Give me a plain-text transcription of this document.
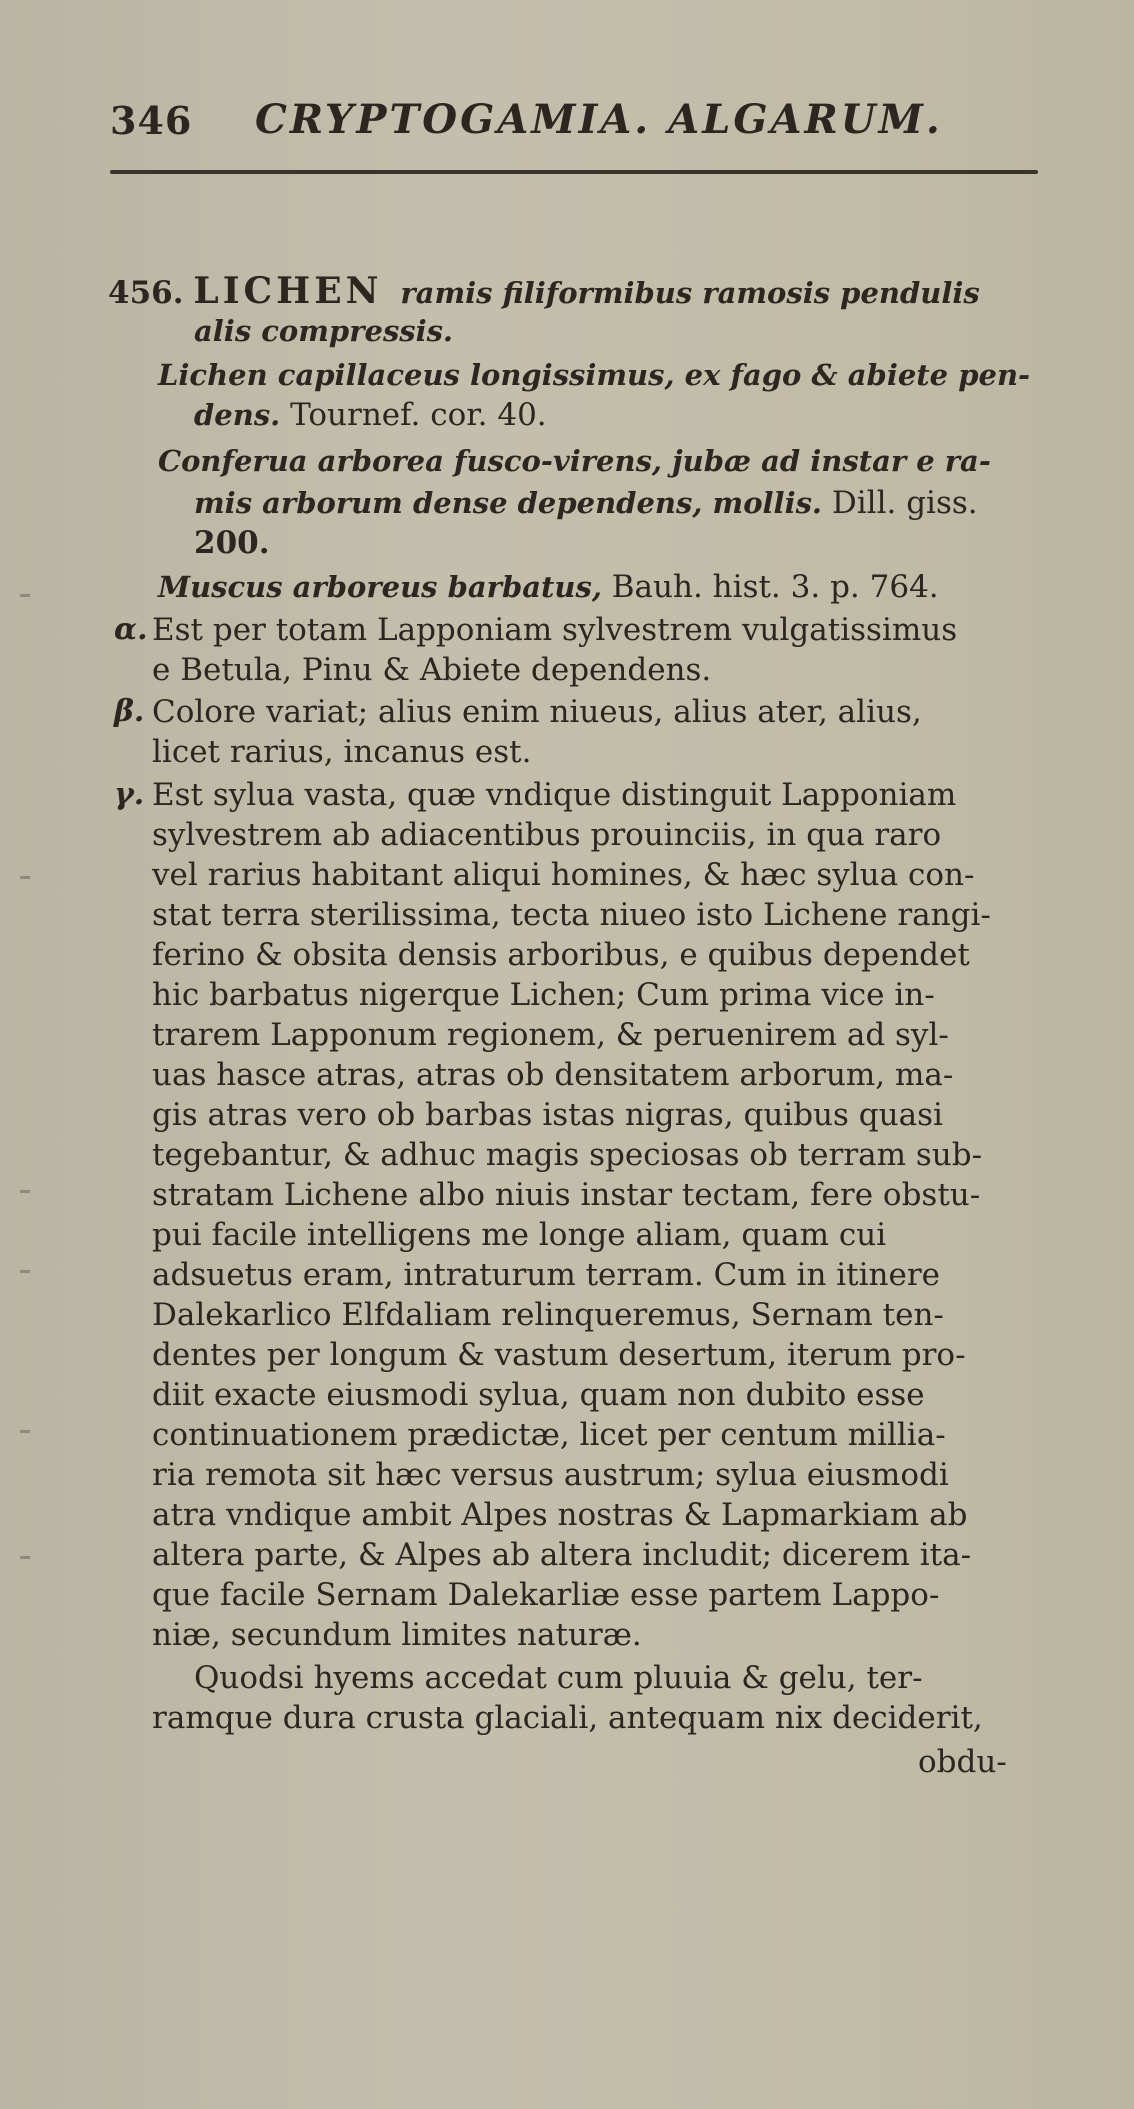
346 CRYPTOGAMIA. ALGARUM.
456. LICHEN ramis filiformibus ramosis pendulis
alis compressis.
Lichen capillaceus longissimus, ex fago & abiete pen-
dens. Tournef. cor. 40.
Conferua arborea fusco-virens, jubæ ad instar e ra-
mis arborum dense dependens, mollis. Dill. giss.
200.
Muscus arboreus barbatus, Bauh. hist. 3. p. 764.
α. Est per totam Lapponiam sylvestrem vulgatissimus
e Betula, Pinu & Abiete dependens.
β. Colore variat; alius enim niueus, alius ater, alius,
licet rarius, incanus est.
γ. Est sylua vasta, quæ vndique distinguit Lapponiam
sylvestrem ab adiacentibus prouinciis, in qua raro
vel rarius habitant aliqui homines, & hæc sylua con-
stat terra sterilissima, tecta niueo isto Lichene rangi-
ferino & obsita densis arboribus, e quibus dependet
hic barbatus nigerque Lichen; Cum prima vice in-
trarem Lapponum regionem, & peruenirem ad syl-
uas hasce atras, atras ob densitatem arborum, ma-
gis atras vero ob barbas istas nigras, quibus quasi
tegebantur, & adhuc magis speciosas ob terram sub-
stratam Lichene albo niuis instar tectam, fere obstu-
pui facile intelligens me longe aliam, quam cui
adsuetus eram, intraturum terram. Cum in itinere
Dalekarlico Elfdaliam relinqueremus, Sernam ten-
dentes per longum & vastum desertum, iterum pro-
diit exacte eiusmodi sylua, quam non dubito esse
continuationem prædictæ, licet per centum millia-
ria remota sit hæc versus austrum; sylua eiusmodi
atra vndique ambit Alpes nostras & Lapmarkiam ab
altera parte, & Alpes ab altera includit; dicerem ita-
que facile Sernam Dalekarliæ esse partem Lappo-
niæ, secundum limites naturæ.
Quodsi hyems accedat cum pluuia & gelu, ter-
ramque dura crusta glaciali, antequam nix deciderit,
obdu-
